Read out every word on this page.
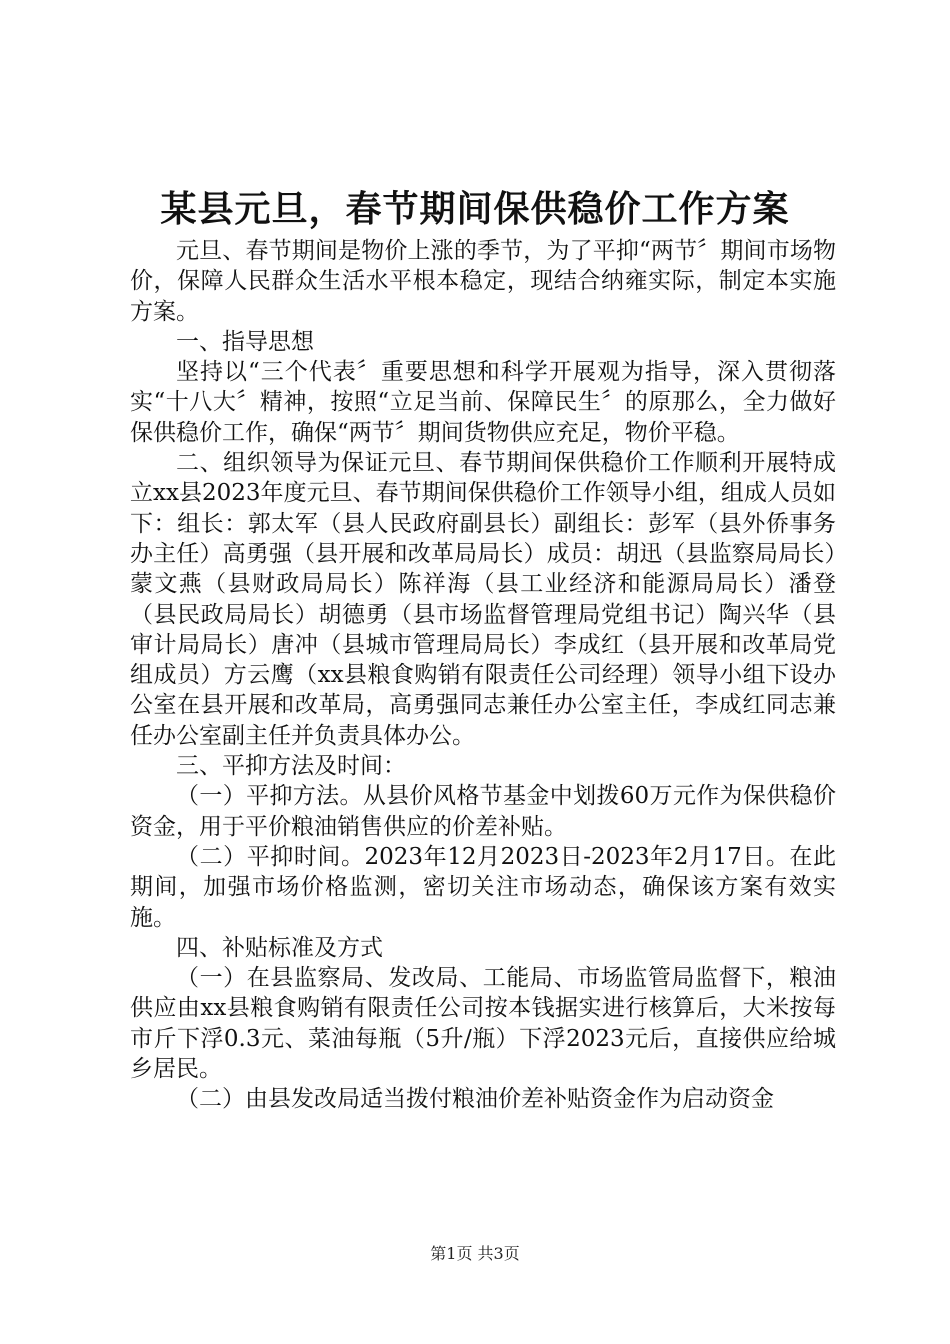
某县元旦，春节期间保供稳价工作方案

元旦、春节期间是物价上涨的季节，为了平抑“两节〞期间市场物价，保障人民群众生活水平根本稳定，现结合纳雍实际，制定本实施方案。

一、指导思想

坚持以“三个代表〞重要思想和科学开展观为指导，深入贯彻落实“十八大〞精神，按照“立足当前、保障民生〞的原那么，全力做好保供稳价工作，确保“两节〞期间货物供应充足，物价平稳。

二、组织领导为保证元旦、春节期间保供稳价工作顺利开展特成立xx县2023年度元旦、春节期间保供稳价工作领导小组，组成人员如下：组长：郭太军（县人民政府副县长）副组长：彭军（县外侨事务办主任）高勇强（县开展和改革局局长）成员：胡迅（县监察局局长）蒙文燕（县财政局局长）陈祥海（县工业经济和能源局局长）潘登（县民政局局长）胡德勇（县市场监督管理局党组书记）陶兴华（县审计局局长）唐冲（县城市管理局局长）李成红（县开展和改革局党组成员）方云鹰（xx县粮食购销有限责任公司经理）领导小组下设办公室在县开展和改革局，高勇强同志兼任办公室主任，李成红同志兼任办公室副主任并负责具体办公。

三、平抑方法及时间：

（一）平抑方法。从县价风格节基金中划拨60万元作为保供稳价资金，用于平价粮油销售供应的价差补贴。

（二）平抑时间。2023年12月2023日-2023年2月17日。在此期间，加强市场价格监测，密切关注市场动态，确保该方案有效实施。

四、补贴标准及方式

（一）在县监察局、发改局、工能局、市场监管局监督下，粮油供应由xx县粮食购销有限责任公司按本钱据实进行核算后，大米按每市斤下浮0.3元、菜油每瓶（5升/瓶）下浮2023元后，直接供应给城乡居民。

（二）由县发改局适当拨付粮油价差补贴资金作为启动资金

第1页 共3页
